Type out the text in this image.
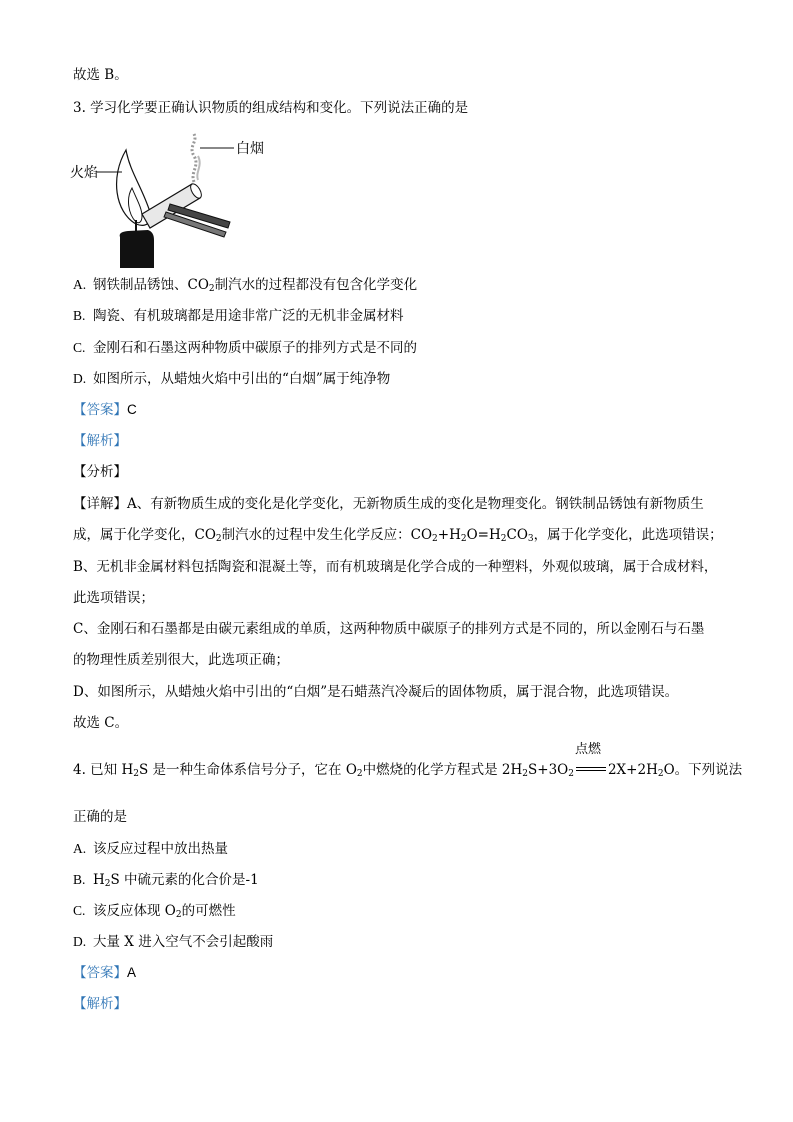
故选 B。
3. 学习化学要正确认识物质的组成结构和变化。下列说法正确的是
白烟
火焰
A. 钢铁制品锈蚀、$CO_2$制汽水的过程都没有包含化学变化
B. 陶瓷、有机玻璃都是用途非常广泛的无机非金属材料
C. 金刚石和石墨这两种物质中碳原子的排列方式是不同的
D. 如图所示，从蜡烛火焰中引出的“白烟”属于纯净物
【答案】C
【解析】
【分析】
【详解】A、有新物质生成的变化是化学变化，无新物质生成的变化是物理变化。钢铁制品锈蚀有新物质生
成，属于化学变化，$CO_2$制汽水的过程中发生化学反应：$CO_2+H_2O=H_2CO_3$，属于化学变化，此选项错误；
B、无机非金属材料包括陶瓷和混凝土等，而有机玻璃是化学合成的一种塑料，外观似玻璃，属于合成材料，
此选项错误；
C、金刚石和石墨都是由碳元素组成的单质，这两种物质中碳原子的排列方式是不同的，所以金刚石与石墨
的物理性质差别很大，此选项正确；
D、如图所示，从蜡烛火焰中引出的“白烟”是石蜡蒸汽冷凝后的固体物质，属于混合物，此选项错误。
故选 C。
4. 已知 $H_2S$ 是一种生命体系信号分子，它在 $O_2$中燃烧的化学方程式是 $2H_2S+3O_2$
点燃
$2X+2H_2O$。下列说法
正确的是
A. 该反应过程中放出热量
B. $H_2S$ 中硫元素的化合价是-1
C. 该反应体现 $O_2$的可燃性
D. 大量 X 进入空气不会引起酸雨
【答案】A
【解析】
